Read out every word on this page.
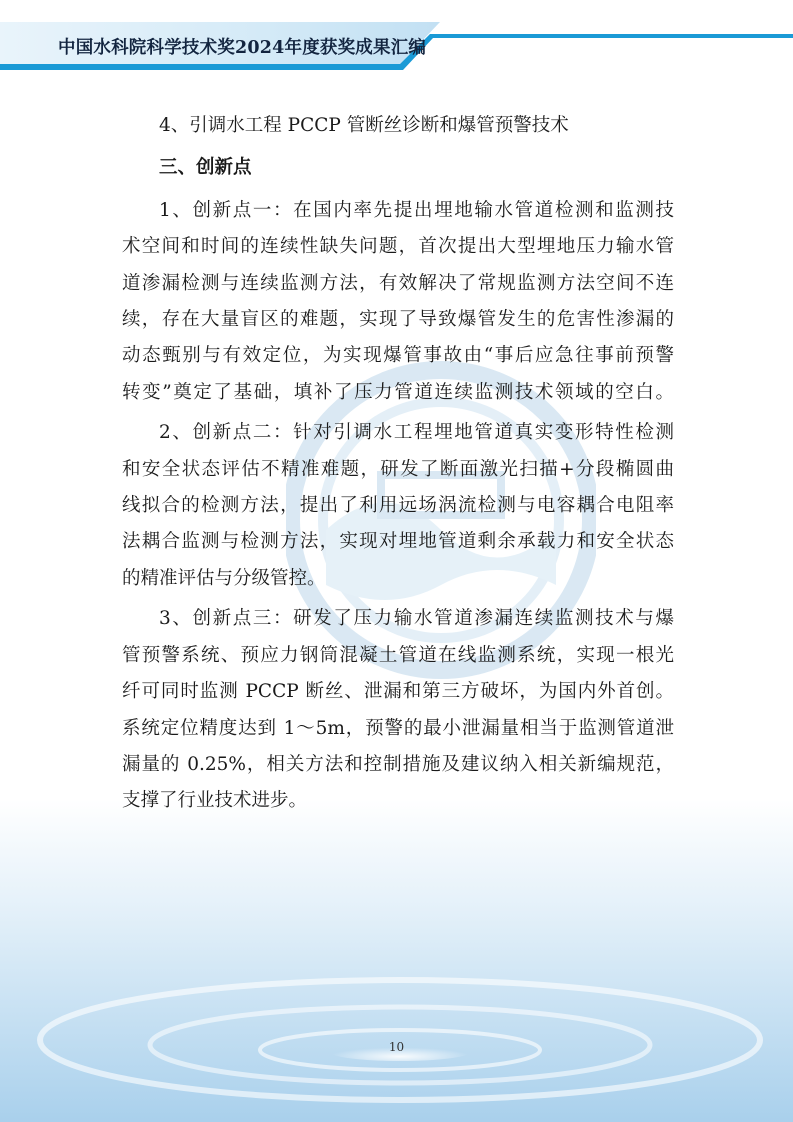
中国水科院科学技术奖2024年度获奖成果汇编
4、引调水工程 PCCP 管断丝诊断和爆管预警技术
三、创新点
1、创新点一：在国内率先提出埋地输水管道检测和监测技
术空间和时间的连续性缺失问题，首次提出大型埋地压力输水管
道渗漏检测与连续监测方法，有效解决了常规监测方法空间不连
续，存在大量盲区的难题，实现了导致爆管发生的危害性渗漏的
动态甄别与有效定位，为实现爆管事故由“事后应急往事前预警
转变”奠定了基础，填补了压力管道连续监测技术领域的空白。
2、创新点二：针对引调水工程埋地管道真实变形特性检测
和安全状态评估不精准难题，研发了断面激光扫描+分段椭圆曲
线拟合的检测方法，提出了利用远场涡流检测与电容耦合电阻率
法耦合监测与检测方法，实现对埋地管道剩余承载力和安全状态
的精准评估与分级管控。
3、创新点三：研发了压力输水管道渗漏连续监测技术与爆
管预警系统、预应力钢筒混凝土管道在线监测系统，实现一根光
纤可同时监测 PCCP 断丝、泄漏和第三方破坏，为国内外首创。
系统定位精度达到 1～5m，预警的最小泄漏量相当于监测管道泄
漏量的 0.25%，相关方法和控制措施及建议纳入相关新编规范，
支撑了行业技术进步。
10
